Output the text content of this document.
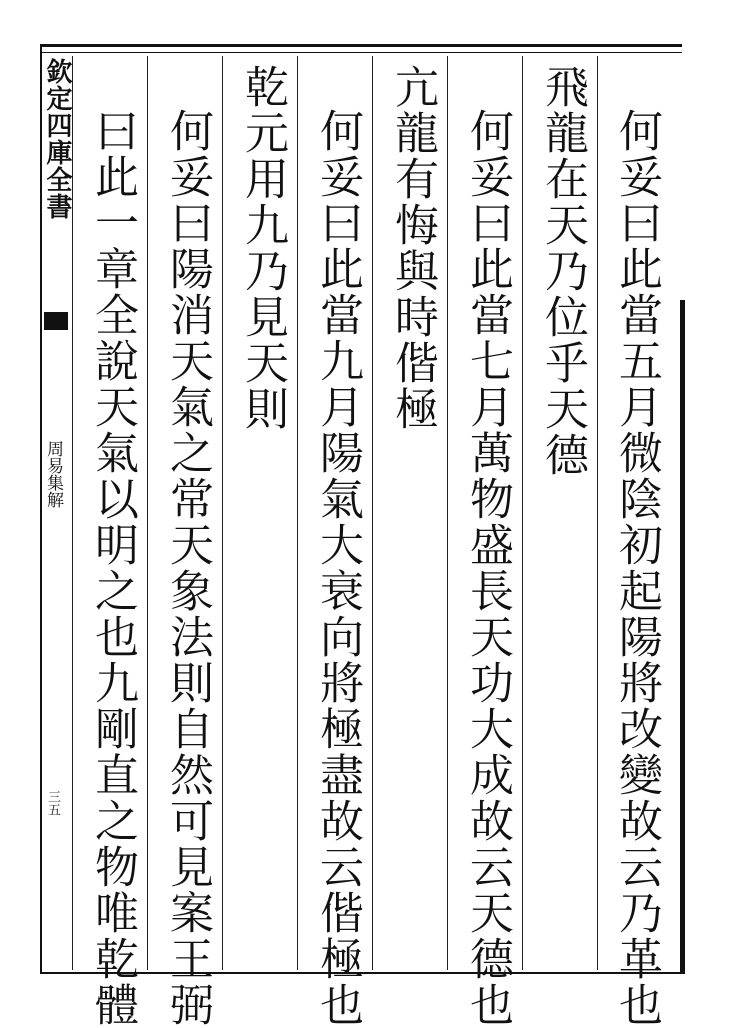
欽定四庫全書
周易集解
三五	何妥曰此當五月微陰初起陽將改變故云乃革也
飛龍在天乃位乎天德
何妥曰此當七月萬物盛長天功大成故云天德也
亢龍有悔與時偕極
何妥曰此當九月陽氣大衰向將極盡故云偕極也
乾元用九乃見天則
何妥曰陽消天氣之常天象法則自然可見案王弼
曰此一章全說天氣以明之也九剛直之物唯乾體
